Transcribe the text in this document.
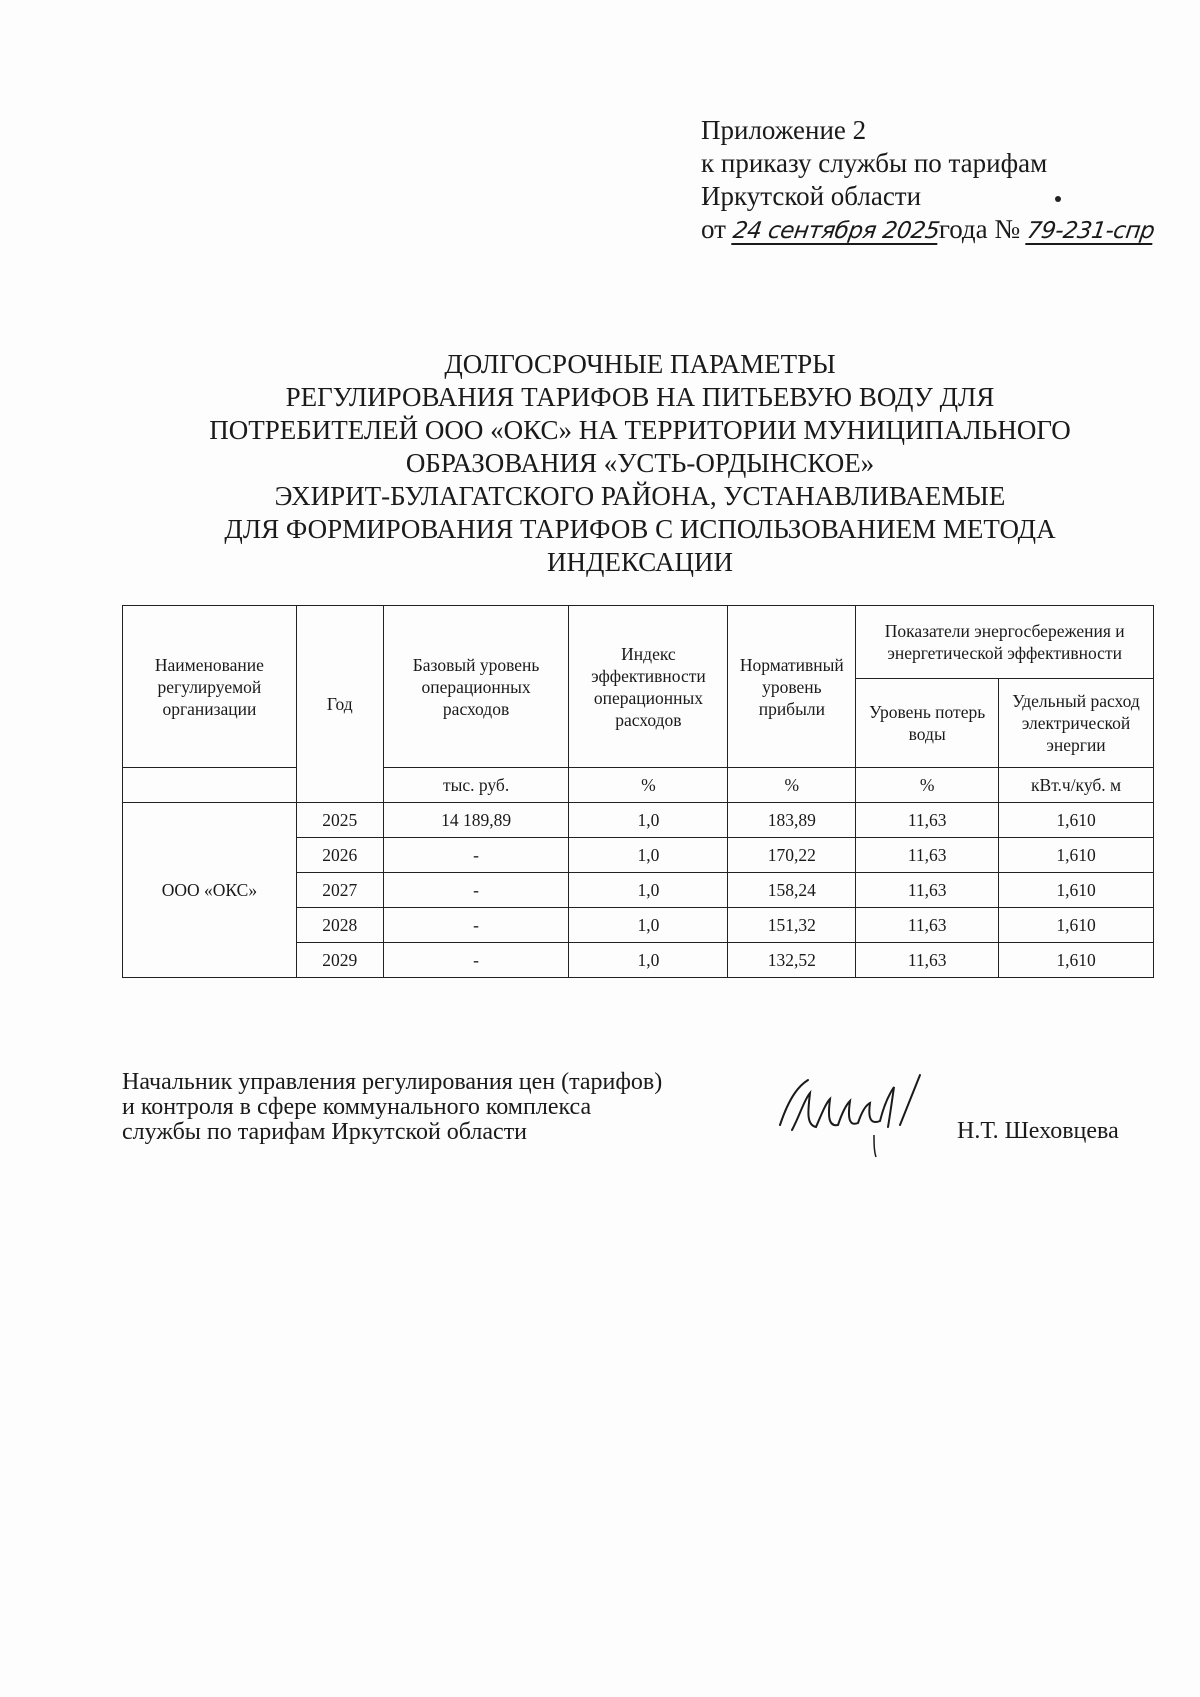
Приложение 2
к приказу службы по тарифам
Иркутской области
от 24 сентября 2025года № 79-231-спр
ДОЛГОСРОЧНЫЕ ПАРАМЕТРЫ
РЕГУЛИРОВАНИЯ ТАРИФОВ НА ПИТЬЕВУЮ ВОДУ ДЛЯ
ПОТРЕБИТЕЛЕЙ ООО «ОКС» НА ТЕРРИТОРИИ МУНИЦИПАЛЬНОГО
ОБРАЗОВАНИЯ «УСТЬ-ОРДЫНСКОЕ»
ЭХИРИТ-БУЛАГАТСКОГО РАЙОНА, УСТАНАВЛИВАЕМЫЕ
ДЛЯ ФОРМИРОВАНИЯ ТАРИФОВ С ИСПОЛЬЗОВАНИЕМ МЕТОДА
ИНДЕКСАЦИИ
Наименование регулируемой организации	Год	Базовый уровень операционных расходов	Индекс эффективности операционных расходов	Нормативный уровень прибыли	Показатели энергосбережения и энергетической эффективности	
					Уровень потерь воды	Удельный расход электрической энергии
		тыс. руб.	%	%	%	кВт.ч/куб. м
ООО «ОКС»	2025	14 189,89	1,0	183,89	11,63	1,610
	2026	-	1,0	170,22	11,63	1,610
	2027	-	1,0	158,24	11,63	1,610
	2028	-	1,0	151,32	11,63	1,610
	2029	-	1,0	132,52	11,63	1,610
Начальник управления регулирования цен (тарифов)
и контроля в сфере коммунального комплекса
службы по тарифам Иркутской области	Н.Т. Шеховцева
